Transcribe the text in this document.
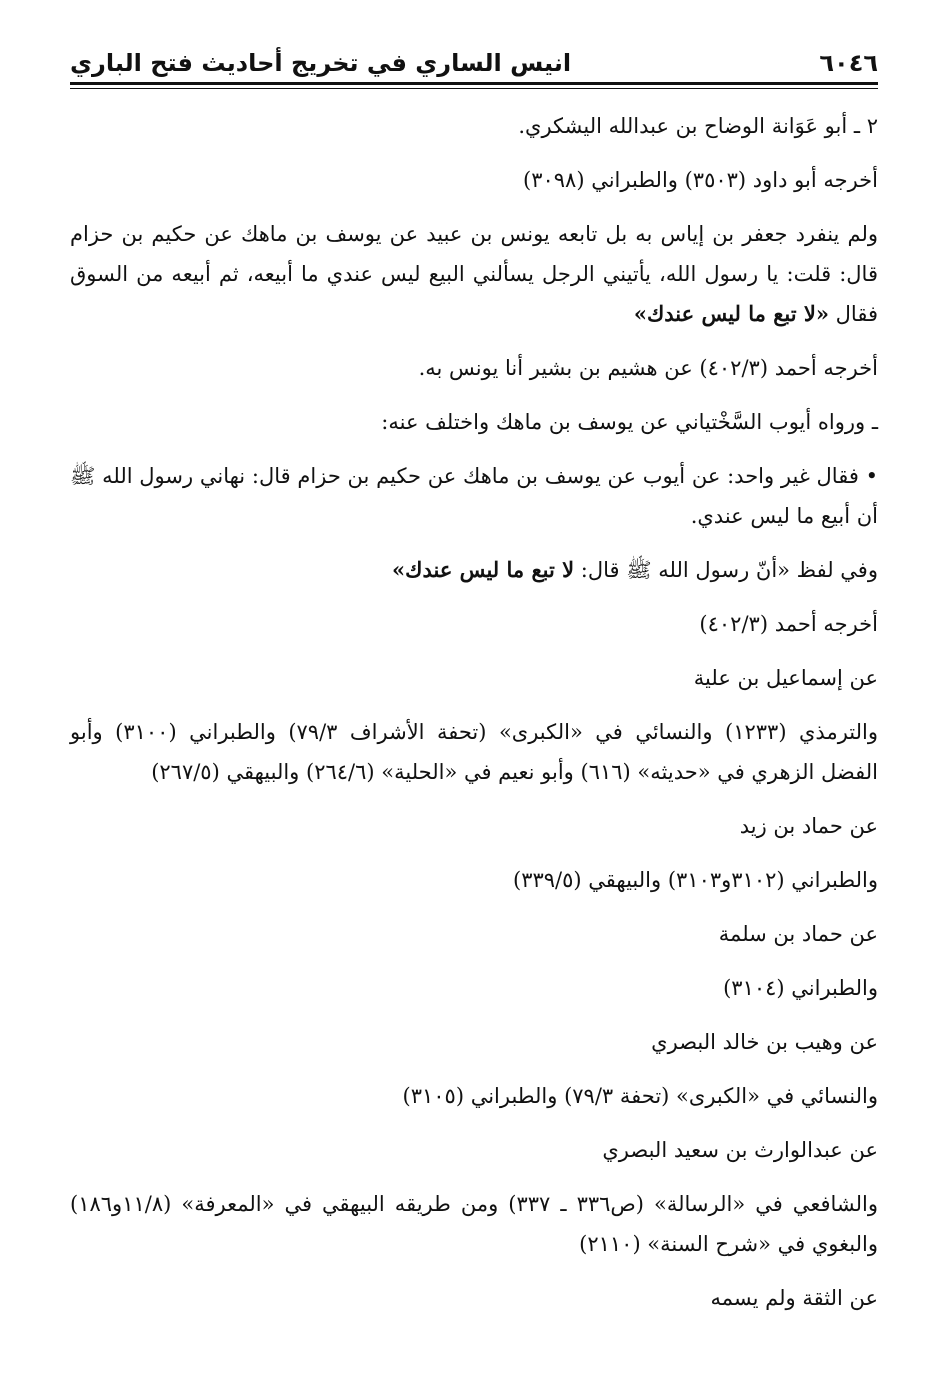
٦٠٤٦
انيس الساري في تخريج أحاديث فتح الباري

٢ ـ أبو عَوَانة الوضاح بن عبدالله اليشكري.

أخرجه أبو داود (٣٥٠٣) والطبراني (٣٠٩٨)

ولم ينفرد جعفر بن إياس به بل تابعه يونس بن عبيد عن يوسف بن ماهك عن حكيم بن حزام قال: قلت: يا رسول الله، يأتيني الرجل يسألني البيع ليس عندي ما أبيعه، ثم أبيعه من السوق فقال «لا تبع ما ليس عندك»

أخرجه أحمد (٤٠٢/٣) عن هشيم بن بشير أنا يونس به.

ـ ورواه أيوب السَّخْتياني عن يوسف بن ماهك واختلف عنه:

• فقال غير واحد: عن أيوب عن يوسف بن ماهك عن حكيم بن حزام قال: نهاني رسول الله ﷺ أن أبيع ما ليس عندي.

وفي لفظ «أنّ رسول الله ﷺ قال: لا تبع ما ليس عندك»

أخرجه أحمد (٤٠٢/٣)

عن إسماعيل بن علية

والترمذي (١٢٣٣) والنسائي في «الكبرى» (تحفة الأشراف ٧٩/٣) والطبراني (٣١٠٠) وأبو الفضل الزهري في «حديثه» (٦١٦) وأبو نعيم في «الحلية» (٢٦٤/٦) والبيهقي (٢٦٧/٥)

عن حماد بن زيد

والطبراني (٣١٠٢و٣١٠٣) والبيهقي (٣٣٩/٥)

عن حماد بن سلمة

والطبراني (٣١٠٤)

عن وهيب بن خالد البصري

والنسائي في «الكبرى» (تحفة ٧٩/٣) والطبراني (٣١٠٥)

عن عبدالوارث بن سعيد البصري

والشافعي في «الرسالة» (ص٣٣٦ ـ ٣٣٧) ومن طريقه البيهقي في «المعرفة» (١١/٨و١٨٦) والبغوي في «شرح السنة» (٢١١٠)

عن الثقة ولم يسمه
